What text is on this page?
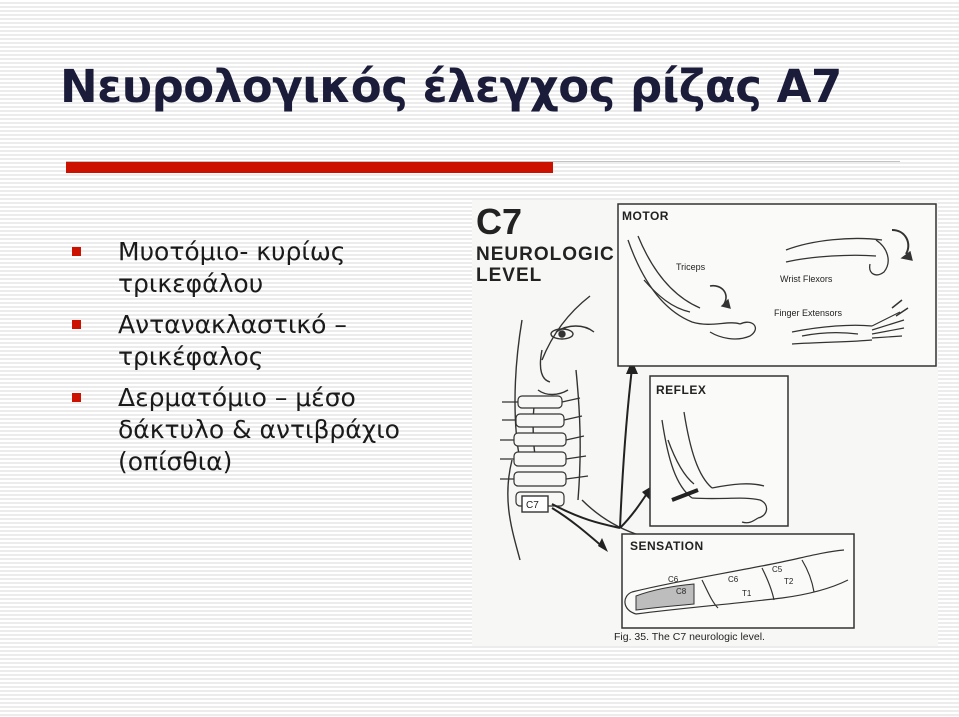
Νευρολογικός έλεγχος ρίζας Α7
Μυοτόμιο- κυρίως τρικεφάλου
Αντανακλαστικό – τρικέφαλος
Δερματόμιο – μέσο δάκτυλο & αντιβράχιο (οπίσθια)
C7
NEUROLOGIC
LEVEL
C7
MOTOR
Triceps
Wrist Flexors
Finger Extensors
REFLEX
SENSATION
C6	C6
C5
C8	T1
T2
Fig. 35. The C7 neurologic level.
